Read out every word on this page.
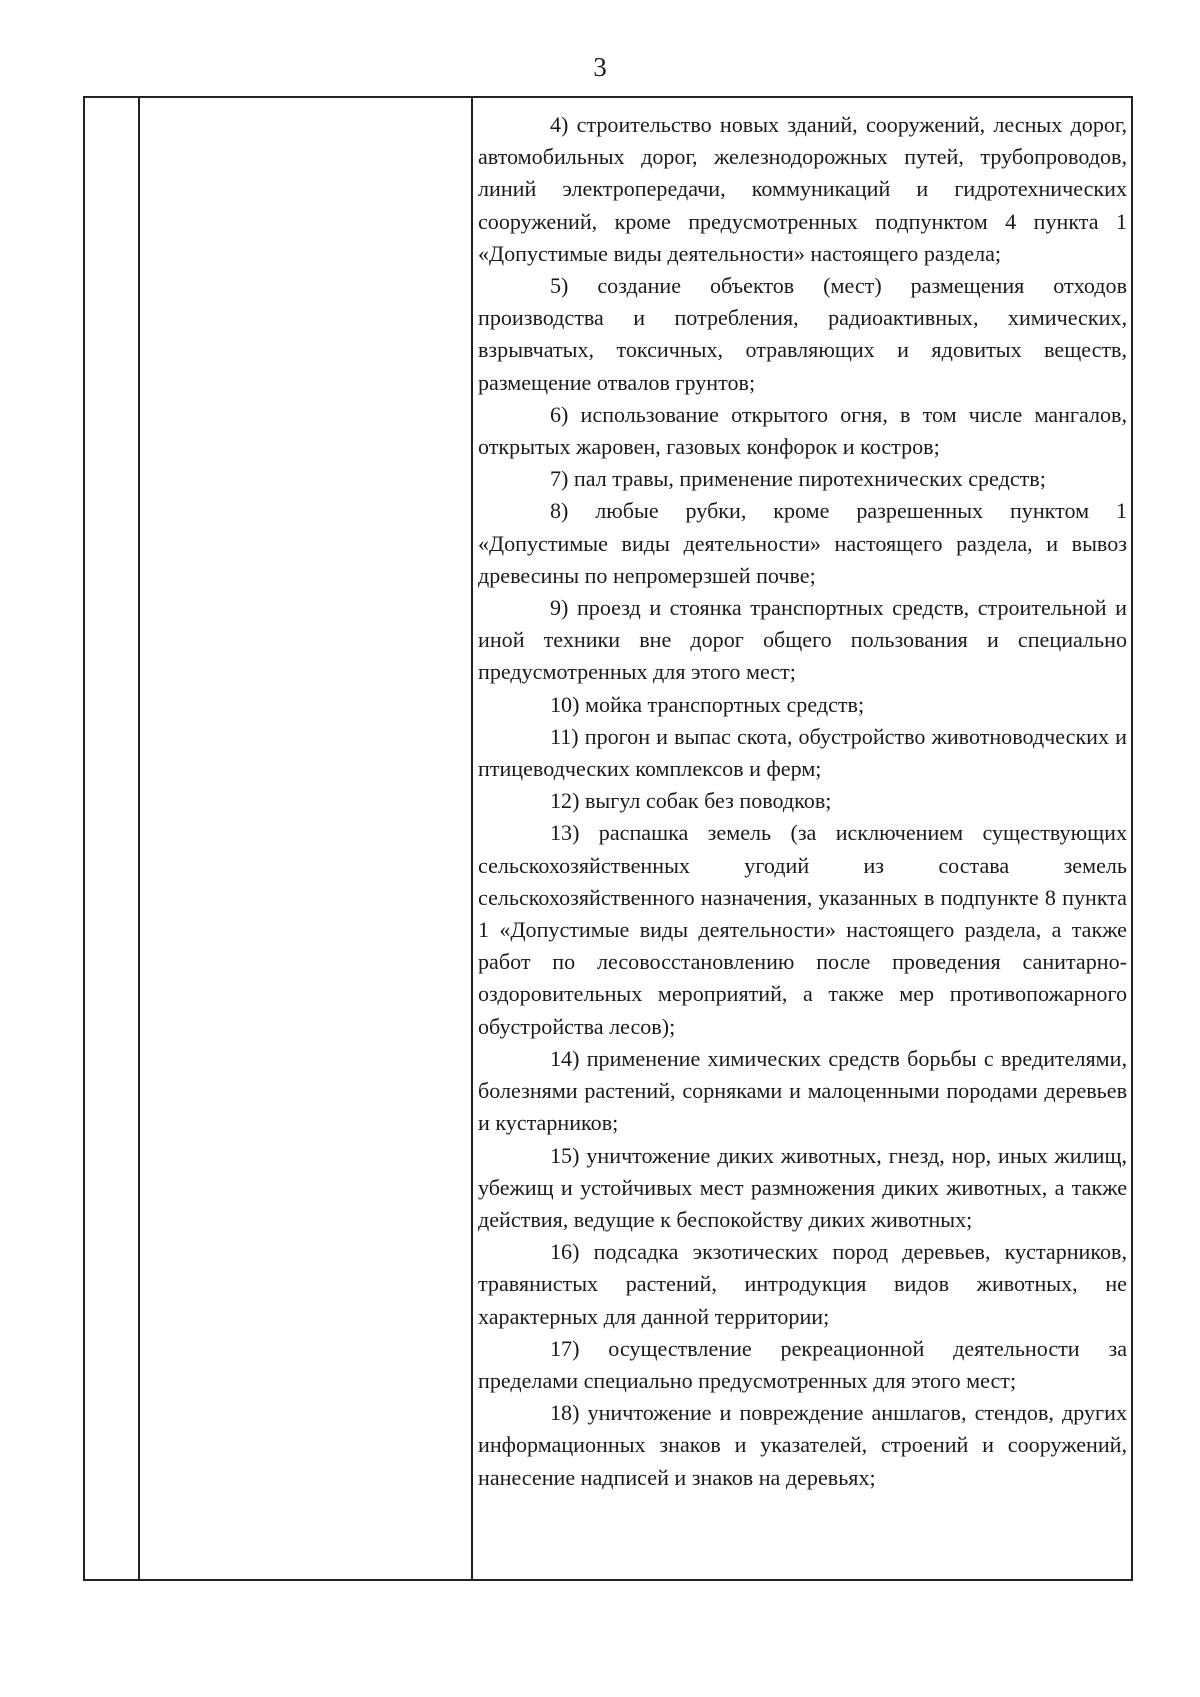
3

4) строительство новых зданий, сооружений, лесных дорог, автомобильных дорог, железнодорожных путей, трубопроводов, линий электропередачи, коммуникаций и гидротехнических сооружений, кроме предусмотренных подпунктом 4 пункта 1 «Допустимые виды деятельности» настоящего раздела;

5) создание объектов (мест) размещения отходов производства и потребления, радиоактивных, химических, взрывчатых, токсичных, отравляющих и ядовитых веществ, размещение отвалов грунтов;

6) использование открытого огня, в том числе мангалов, открытых жаровен, газовых конфорок и костров;

7) пал травы, применение пиротехнических средств;

8) любые рубки, кроме разрешенных пунктом 1 «Допустимые виды деятельности» настоящего раздела, и вывоз древесины по непромерзшей почве;

9) проезд и стоянка транспортных средств, строительной и иной техники вне дорог общего пользования и специально предусмотренных для этого мест;

10) мойка транспортных средств;

11) прогон и выпас скота, обустройство животноводческих и птицеводческих комплексов и ферм;

12) выгул собак без поводков;

13) распашка земель (за исключением существующих сельскохозяйственных угодий из состава земель сельскохозяйственного назначения, указанных в подпункте 8 пункта 1 «Допустимые виды деятельности» настоящего раздела, а также работ по лесовосстановлению после проведения санитарно-оздоровительных мероприятий, а также мер противопожарного обустройства лесов);

14) применение химических средств борьбы с вредителями, болезнями растений, сорняками и малоценными породами деревьев и кустарников;

15) уничтожение диких животных, гнезд, нор, иных жилищ, убежищ и устойчивых мест размножения диких животных, а также действия, ведущие к беспокойству диких животных;

16) подсадка экзотических пород деревьев, кустарников, травянистых растений, интродукция видов животных, не характерных для данной территории;

17) осуществление рекреационной деятельности за пределами специально предусмотренных для этого мест;

18) уничтожение и повреждение аншлагов, стендов, других информационных знаков и указателей, строений и сооружений, нанесение надписей и знаков на деревьях;
